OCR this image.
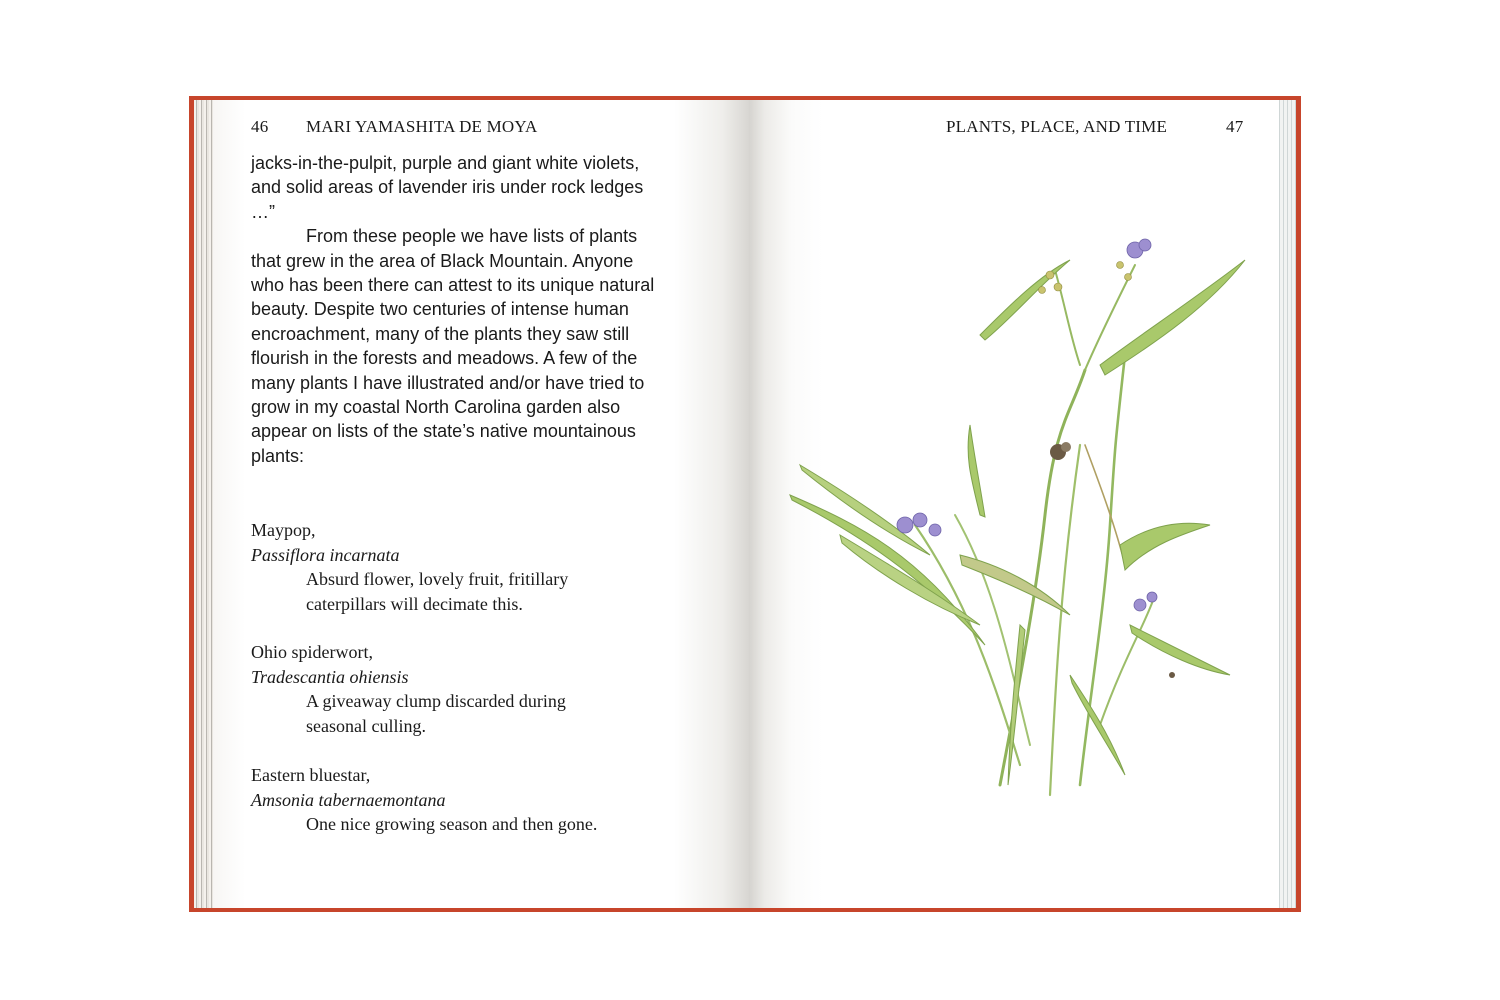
46 MARI YAMASHITA DE MOYA	PLANTS, PLACE, AND TIME	47

jacks-in-the-pulpit, purple and giant white violets, and solid areas of lavender iris under rock ledges …”

From these people we have lists of plants that grew in the area of Black Mountain. Anyone who has been there can attest to its unique natural beauty. Despite two centuries of intense human encroachment, many of the plants they saw still flourish in the forests and meadows. A few of the many plants I have illustrated and/or have tried to grow in my coastal North Carolina garden also appear on lists of the state’s native mountainous plants:

Maypop,
Passiflora incarnata
Absurd flower, lovely fruit, fritillary
caterpillars will decimate this.
Ohio spiderwort,
Tradescantia ohiensis
A giveaway clump discarded during
seasonal culling.
Eastern bluestar,
Amsonia tabernaemontana
One nice growing season and then gone.
